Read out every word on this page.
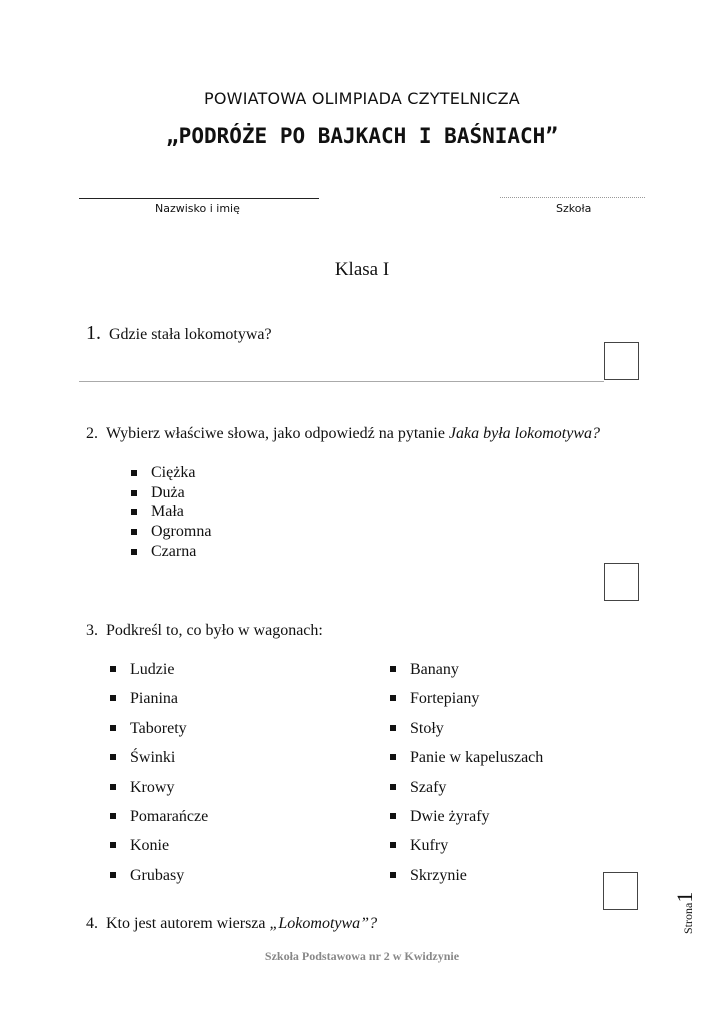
POWIATOWA OLIMPIADA CZYTELNICZA
„PODRÓŻE PO BAJKACH I BAŚNIACH”
Nazwisko i imię	Szkoła
Klasa I
1. Gdzie stała lokomotywa?
2. Wybierz właściwe słowa, jako odpowiedź na pytanie Jaka była lokomotywa?
Ciężka
Duża
Mała
Ogromna
Czarna
3. Podkreśl to, co było w wagonach:
Ludzie
Pianina
Taborety
Świnki
Krowy
Pomarańcze
Konie
Grubasy
Banany
Fortepiany
Stoły
Panie w kapeluszach
Szafy
Dwie żyrafy
Kufry
Skrzynie
4. Kto jest autorem wiersza „Lokomotywa”?
Szkoła Podstawowa nr 2 w Kwidzynie
Strona1
